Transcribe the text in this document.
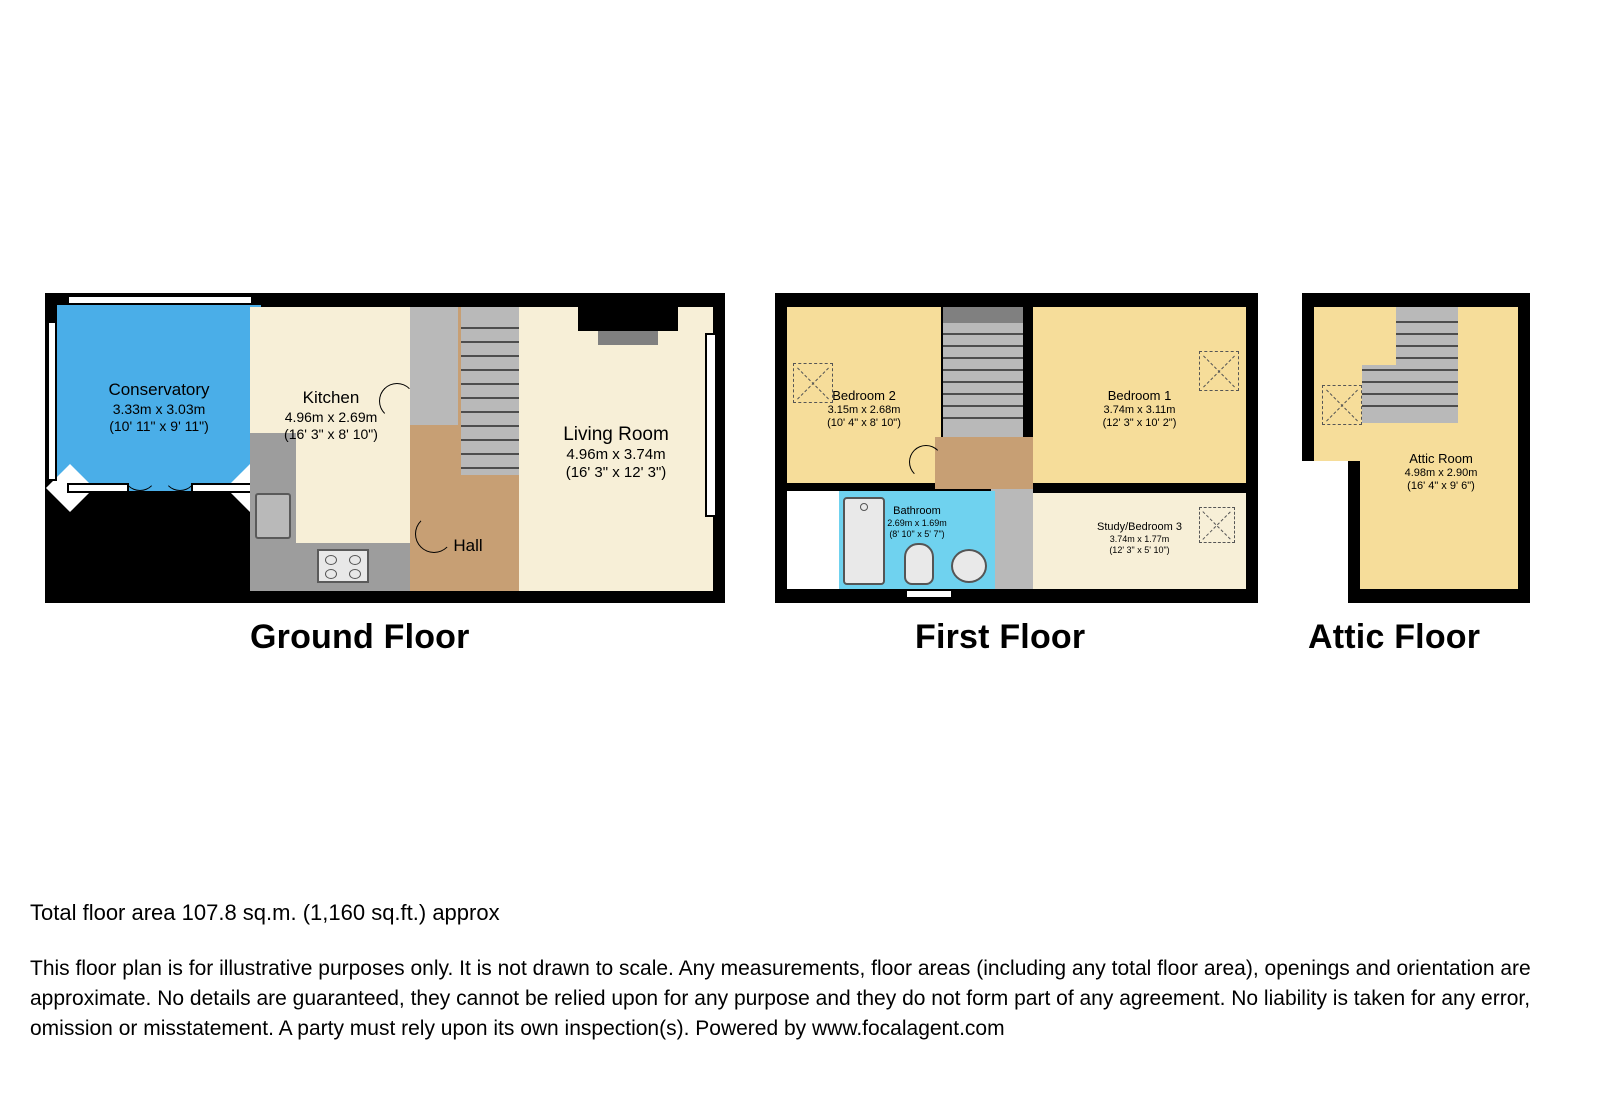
Conservatory
3.33m x 3.03m
(10' 11" x 9' 11")
Kitchen
4.96m x 2.69m
(16' 3" x 8' 10")
Hall
Living Room
4.96m x 3.74m
(16' 3" x 12' 3")
Ground Floor
Bedroom 2
3.15m x 2.68m
(10' 4" x 8' 10")
Bedroom 1
3.74m x 3.11m
(12' 3" x 10' 2")
Study/Bedroom 3
3.74m x 1.77m
(12' 3" x 5' 10")
Bathroom
2.69m x 1.69m
(8' 10" x 5' 7")
First Floor
Attic Room
4.98m x 2.90m
(16' 4" x 9' 6")
Attic Floor
Total floor area 107.8 sq.m. (1,160 sq.ft.) approx
This floor plan is for illustrative purposes only. It is not drawn to scale. Any measurements, floor areas (including any total floor area), openings and orientation are approximate. No details are guaranteed, they cannot be relied upon for any purpose and they do not form part of any agreement. No liability is taken for any error, omission or misstatement. A party must rely upon its own inspection(s). Powered by www.focalagent.com
